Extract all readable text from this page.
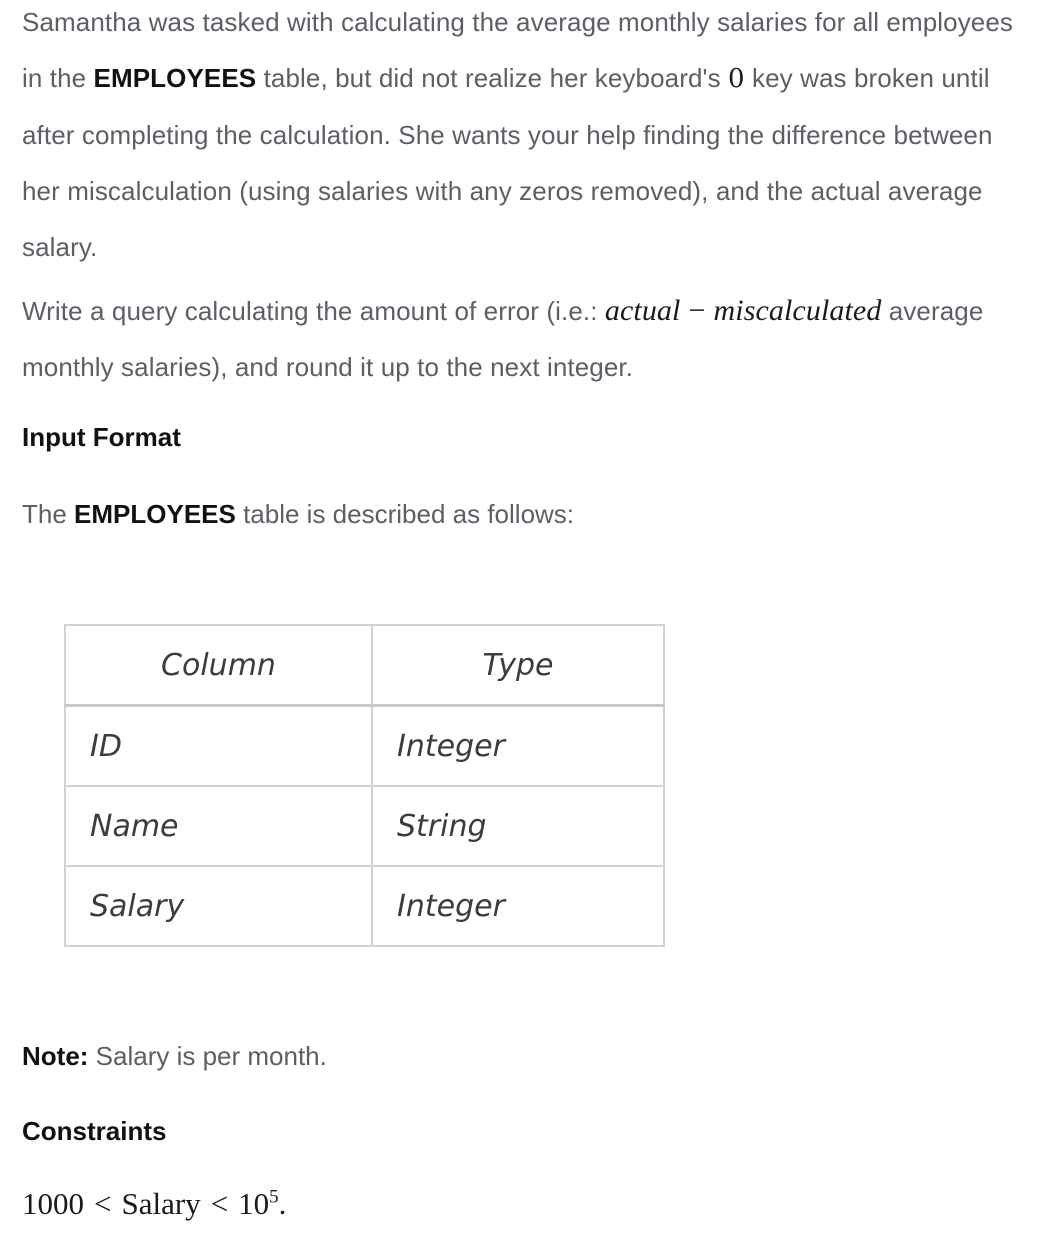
Samantha was tasked with calculating the average monthly salaries for all employees in the EMPLOYEES table, but did not realize her keyboard's 0 key was broken until after completing the calculation. She wants your help finding the difference between her miscalculation (using salaries with any zeros removed), and the actual average salary.

Write a query calculating the amount of error (i.e.: actual − miscalculated average monthly salaries), and round it up to the next integer.

Input Format

The EMPLOYEES table is described as follows:

Column	Type
ID	Integer
Name	String
Salary	Integer

Note: Salary is per month.

Constraints

1000 < Salary < $10^5$.
